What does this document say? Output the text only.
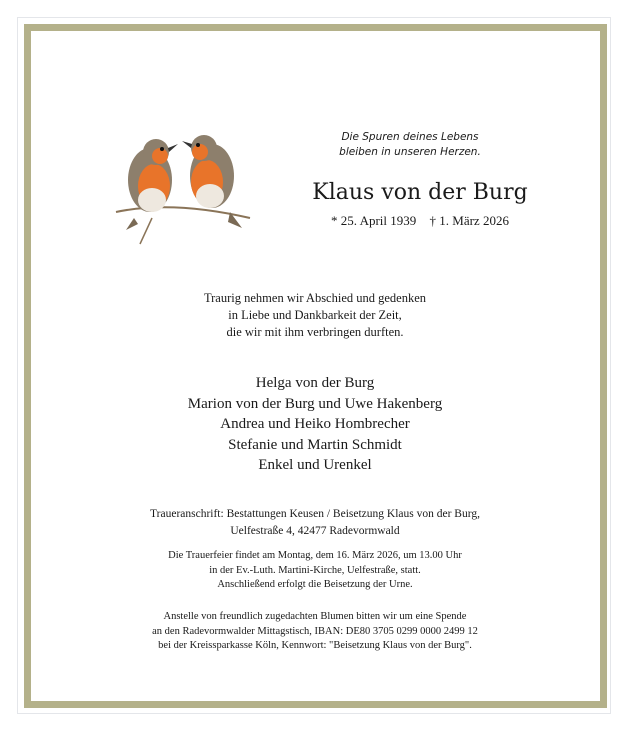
Die Spuren deines Lebens
bleiben in unseren Herzen.
Klaus von der Burg
* 25. April 1939 † 1. März 2026
Traurig nehmen wir Abschied und gedenken
in Liebe und Dankbarkeit der Zeit,
die wir mit ihm verbringen durften.
Helga von der Burg
Marion von der Burg und Uwe Hakenberg
Andrea und Heiko Hombrecher
Stefanie und Martin Schmidt
Enkel und Urenkel
Traueranschrift: Bestattungen Keusen / Beisetzung Klaus von der Burg,
Uelfestraße 4, 42477 Radevormwald
Die Trauerfeier findet am Montag, dem 16. März 2026, um 13.00 Uhr
in der Ev.-Luth. Martini-Kirche, Uelfestraße, statt.
Anschließend erfolgt die Beisetzung der Urne.
Anstelle von freundlich zugedachten Blumen bitten wir um eine Spende
an den Radevormwalder Mittagstisch, IBAN: DE80 3705 0299 0000 2499 12
bei der Kreissparkasse Köln, Kennwort: "Beisetzung Klaus von der Burg".
